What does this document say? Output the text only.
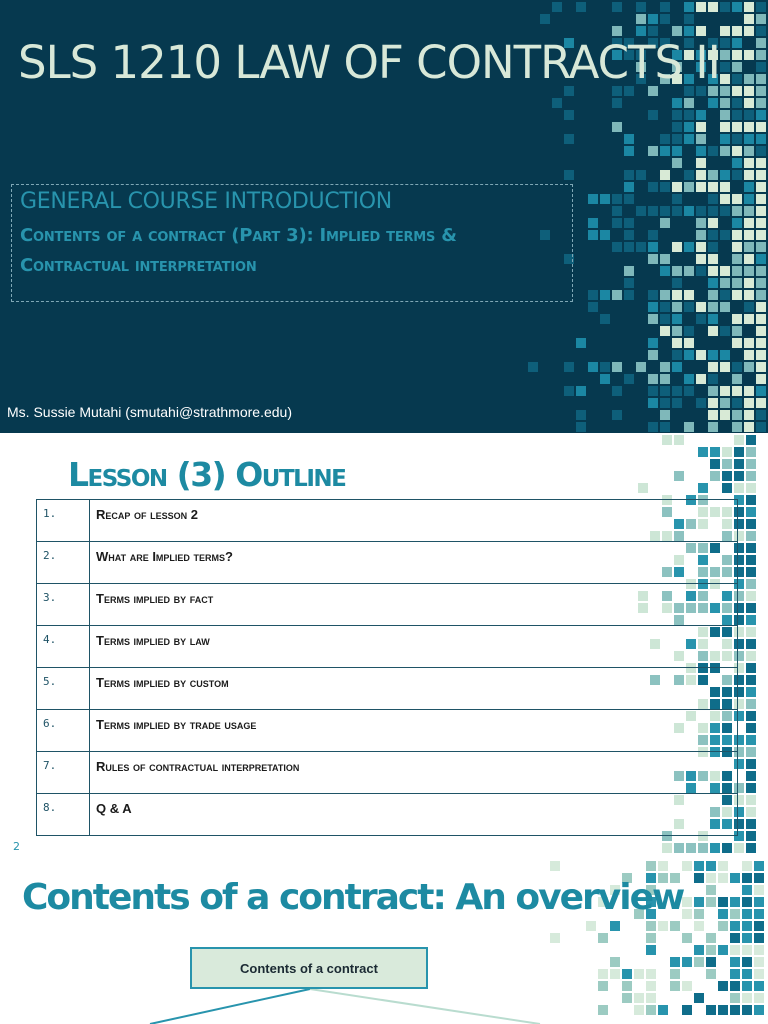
SLS 1210 LAW OF CONTRACTS II
GENERAL COURSE INTRODUCTION
Contents of a contract (Part 3): Implied terms & Contractual interpretation
Ms. Sussie Mutahi (smutahi@strathmore.edu)
Lesson (3) Outline
1.	Recap of lesson 2
2.	What are Implied terms?
3.	Terms implied by fact
4.	Terms implied by law
5.	Terms implied by custom
6.	Terms implied by trade usage
7.	Rules of contractual interpretation
8.	Q & A
2
Contents of a contract: An overview
Contents of a contract
